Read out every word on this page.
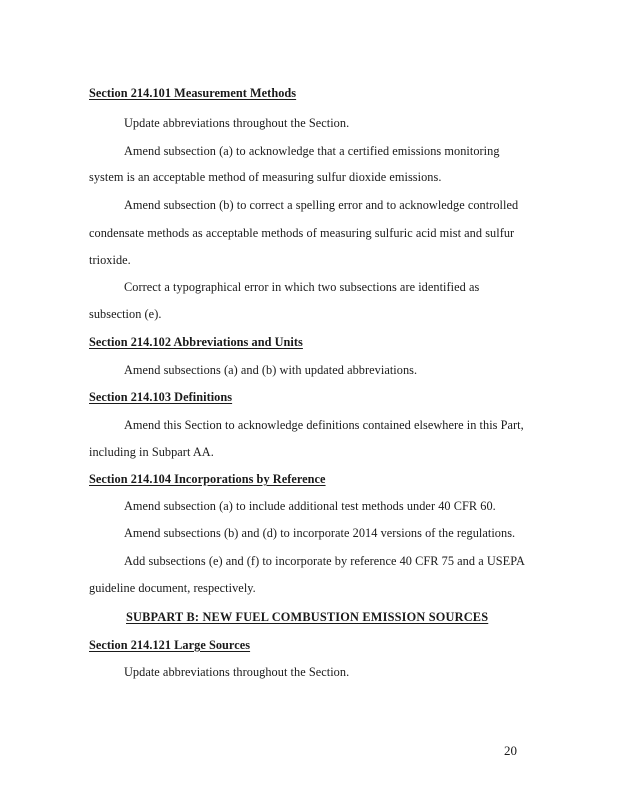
Section 214.101 Measurement Methods
Update abbreviations throughout the Section.
Amend subsection (a) to acknowledge that a certified emissions monitoring
system is an acceptable method of measuring sulfur dioxide emissions.
Amend subsection (b) to correct a spelling error and to acknowledge controlled
condensate methods as acceptable methods of measuring sulfuric acid mist and sulfur
trioxide.
Correct a typographical error in which two subsections are identified as
subsection (e).
Section 214.102 Abbreviations and Units
Amend subsections (a) and (b) with updated abbreviations.
Section 214.103 Definitions
Amend this Section to acknowledge definitions contained elsewhere in this Part,
including in Subpart AA.
Section 214.104 Incorporations by Reference
Amend subsection (a) to include additional test methods under 40 CFR 60.
Amend subsections (b) and (d) to incorporate 2014 versions of the regulations.
Add subsections (e) and (f) to incorporate by reference 40 CFR 75 and a USEPA
guideline document, respectively.
SUBPART B: NEW FUEL COMBUSTION EMISSION SOURCES
Section 214.121 Large Sources
Update abbreviations throughout the Section.
20
